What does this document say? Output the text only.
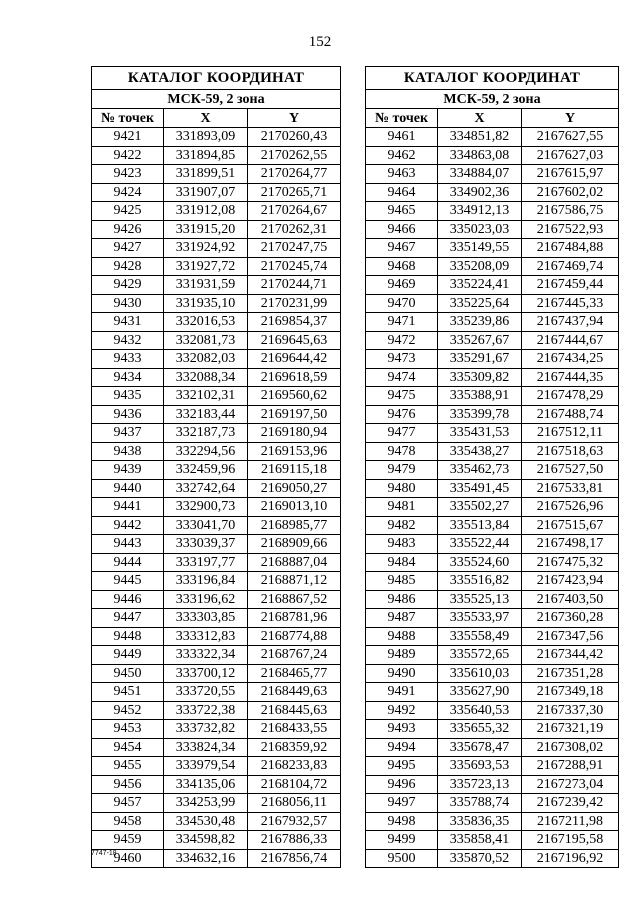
152
КАТАЛОГ КООРДИНАТ		
МСК-59, 2 зона		
№ точек	X	Y
9421	331893,09	2170260,43
9422	331894,85	2170262,55
9423	331899,51	2170264,77
9424	331907,07	2170265,71
9425	331912,08	2170264,67
9426	331915,20	2170262,31
9427	331924,92	2170247,75
9428	331927,72	2170245,74
9429	331931,59	2170244,71
9430	331935,10	2170231,99
9431	332016,53	2169854,37
9432	332081,73	2169645,63
9433	332082,03	2169644,42
9434	332088,34	2169618,59
9435	332102,31	2169560,62
9436	332183,44	2169197,50
9437	332187,73	2169180,94
9438	332294,56	2169153,96
9439	332459,96	2169115,18
9440	332742,64	2169050,27
9441	332900,73	2169013,10
9442	333041,70	2168985,77
9443	333039,37	2168909,66
9444	333197,77	2168887,04
9445	333196,84	2168871,12
9446	333196,62	2168867,52
9447	333303,85	2168781,96
9448	333312,83	2168774,88
9449	333322,34	2168767,24
9450	333700,12	2168465,77
9451	333720,55	2168449,63
9452	333722,38	2168445,63
9453	333732,82	2168433,55
9454	333824,34	2168359,92
9455	333979,54	2168233,83
9456	334135,06	2168104,72
9457	334253,99	2168056,11
9458	334530,48	2167932,57
9459	334598,82	2167886,33
9460	334632,16	2167856,74
КАТАЛОГ КООРДИНАТ		
МСК-59, 2 зона		
№ точек	X	Y
9461	334851,82	2167627,55
9462	334863,08	2167627,03
9463	334884,07	2167615,97
9464	334902,36	2167602,02
9465	334912,13	2167586,75
9466	335023,03	2167522,93
9467	335149,55	2167484,88
9468	335208,09	2167469,74
9469	335224,41	2167459,44
9470	335225,64	2167445,33
9471	335239,86	2167437,94
9472	335267,67	2167444,67
9473	335291,67	2167434,25
9474	335309,82	2167444,35
9475	335388,91	2167478,29
9476	335399,78	2167488,74
9477	335431,53	2167512,11
9478	335438,27	2167518,63
9479	335462,73	2167527,50
9480	335491,45	2167533,81
9481	335502,27	2167526,96
9482	335513,84	2167515,67
9483	335522,44	2167498,17
9484	335524,60	2167475,32
9485	335516,82	2167423,94
9486	335525,13	2167403,50
9487	335533,97	2167360,28
9488	335558,49	2167347,56
9489	335572,65	2167344,42
9490	335610,03	2167351,28
9491	335627,90	2167349,18
9492	335640,53	2167337,30
9493	335655,32	2167321,19
9494	335678,47	2167308,02
9495	335693,53	2167288,91
9496	335723,13	2167273,04
9497	335788,74	2167239,42
9498	335836,35	2167211,98
9499	335858,41	2167195,58
9500	335870,52	2167196,92
7747-18
